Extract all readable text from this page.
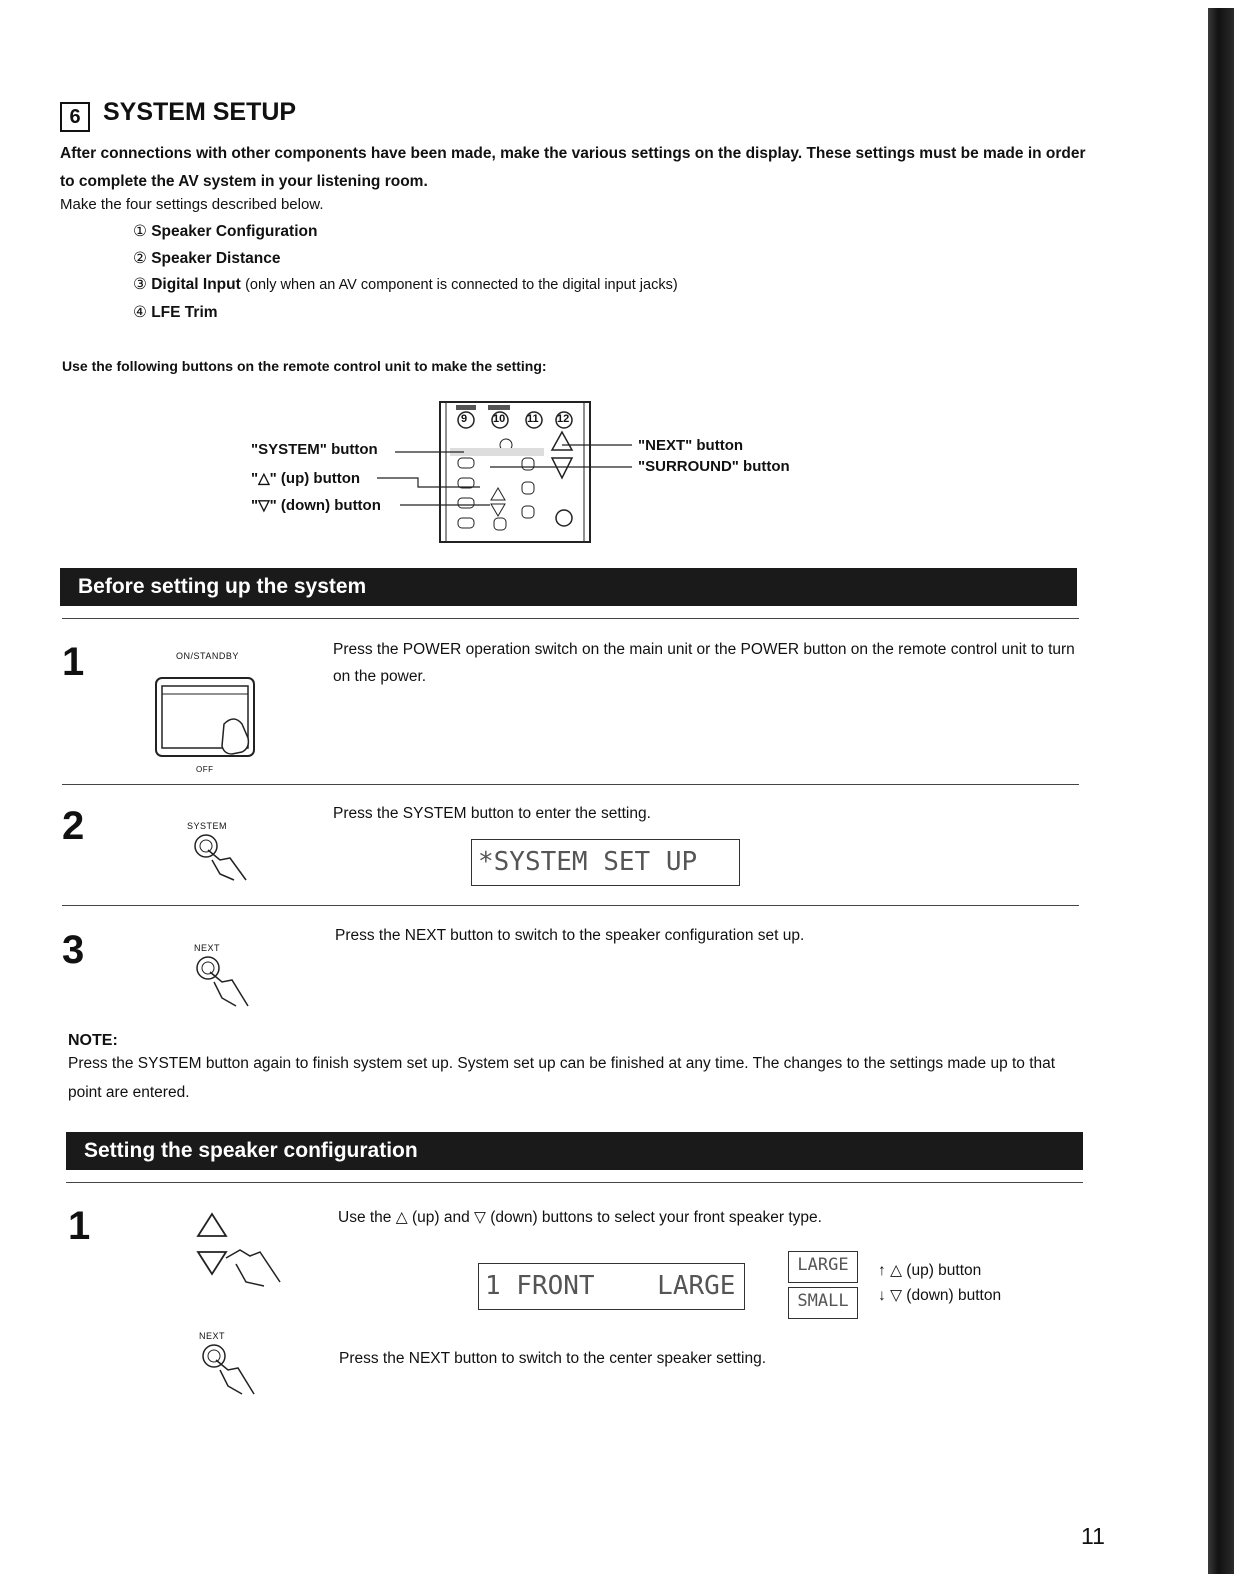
6 SYSTEM SETUP
After connections with other components have been made, make the various settings on the display. These settings must be made in order to complete the AV system in your listening room.
Make the four settings described below.
① Speaker Configuration
② Speaker Distance
③ Digital Input (only when an AV component is connected to the digital input jacks)
④ LFE Trim
Use the following buttons on the remote control unit to make the setting:
9 10 11 12
"SYSTEM" button
"△" (up) button
"▽" (down) button
"NEXT" button
"SURROUND" button
Before setting up the system
1	ON/STANDBY
OFF
Press the POWER operation switch on the main unit or the POWER button on the remote control unit to turn on the power.
2	SYSTEM
Press the SYSTEM button to enter the setting.
*SYSTEM SET UP
3	NEXT
Press the NEXT button to switch to the speaker configuration set up.
NOTE:
Press the SYSTEM button again to finish system set up. System set up can be finished at any time. The changes to the settings made up to that point are entered.
Setting the speaker configuration
1	Use the △ (up) and ▽ (down) buttons to select your front speaker type.
1 FRONT    LARGE
LARGE
SMALL
↑ △ (up) button
↓ ▽ (down) button
NEXT
Press the NEXT button to switch to the center speaker setting.
11
